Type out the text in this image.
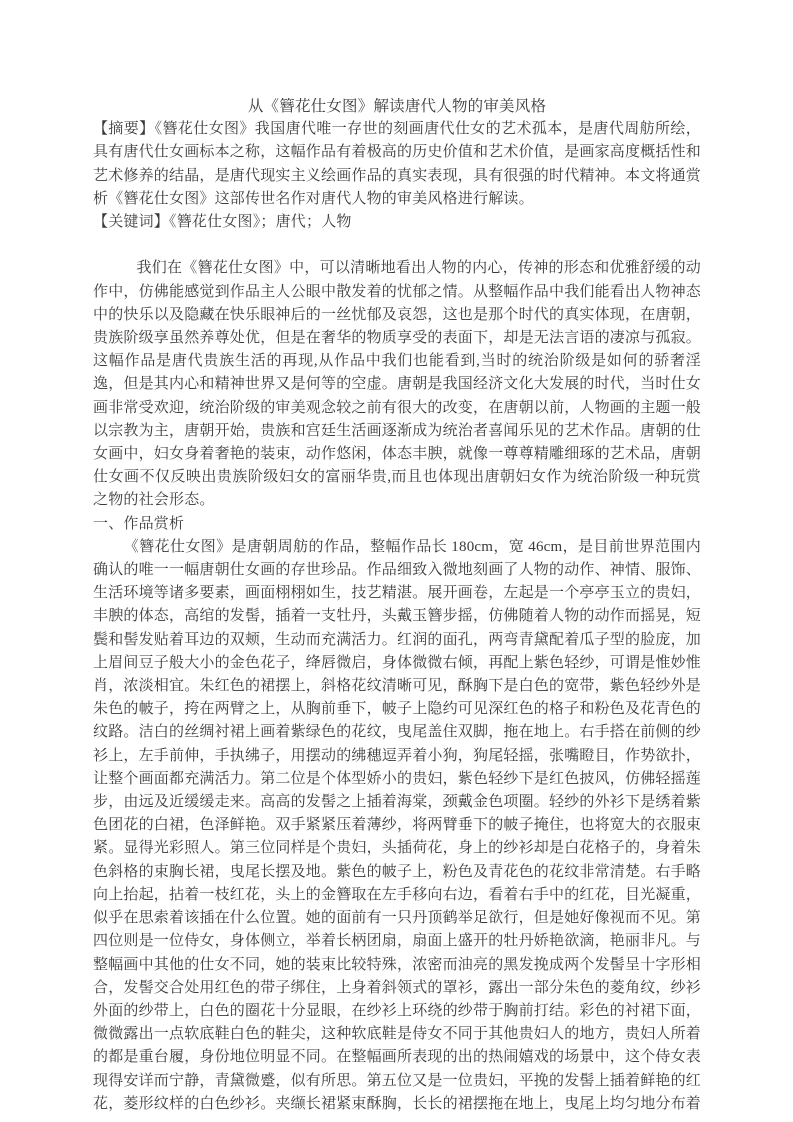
从《簪花仕女图》解读唐代人物的审美风格

【摘要】《簪花仕女图》我国唐代唯一存世的刻画唐代仕女的艺术孤本，是唐代周舫所绘，具有唐代仕女画标本之称，这幅作品有着极高的历史价值和艺术价值，是画家高度概括性和艺术修养的结晶，是唐代现实主义绘画作品的真实表现，具有很强的时代精神。本文将通赏析《簪花仕女图》这部传世名作对唐代人物的审美风格进行解读。

【关键词】《簪花仕女图》；唐代；人物

我们在《簪花仕女图》中，可以清晰地看出人物的内心，传神的形态和优雅舒缓的动作中，仿佛能感觉到作品主人公眼中散发着的忧郁之情。从整幅作品中我们能看出人物神态中的快乐以及隐藏在快乐眼神后的一丝忧郁及哀怨，这也是那个时代的真实体现，在唐朝，贵族阶级享虽然养尊处优，但是在奢华的物质享受的表面下，却是无法言语的凄凉与孤寂。这幅作品是唐代贵族生活的再现,从作品中我们也能看到,当时的统治阶级是如何的骄奢淫逸，但是其内心和精神世界又是何等的空虚。唐朝是我国经济文化大发展的时代，当时仕女画非常受欢迎，统治阶级的审美观念较之前有很大的改变，在唐朝以前，人物画的主题一般以宗教为主，唐朝开始，贵族和宫廷生活画逐渐成为统治者喜闻乐见的艺术作品。唐朝的仕女画中，妇女身着奢艳的装束，动作悠闲，体态丰腴，就像一尊尊精雕细琢的艺术品，唐朝仕女画不仅反映出贵族阶级妇女的富丽华贵,而且也体现出唐朝妇女作为统治阶级一种玩赏之物的社会形态。

一、作品赏析

《簪花仕女图》是唐朝周舫的作品，整幅作品长 180cm，宽 46cm，是目前世界范围内确认的唯一一幅唐朝仕女画的存世珍品。作品细致入微地刻画了人物的动作、神情、服饰、生活环境等诸多要素，画面栩栩如生，技艺精湛。展开画卷，左起是一个亭亭玉立的贵妇，丰腴的体态，高绾的发髻，插着一支牡丹，头戴玉簪步摇，仿佛随着人物的动作而摇晃，短鬓和髻发贴着耳边的双颊，生动而充满活力。红润的面孔，两弯青黛配着瓜子型的脸庞，加上眉间豆子般大小的金色花子，绛唇微启，身体微微右倾，再配上紫色轻纱，可谓是惟妙惟肖，浓淡相宜。朱红色的裙摆上，斜格花纹清晰可见，酥胸下是白色的宽带，紫色轻纱外是朱色的帔子，挎在两臂之上，从胸前垂下，帔子上隐约可见深红色的格子和粉色及花青色的纹路。洁白的丝绸衬裙上画着紫绿色的花纹，曳尾盖住双脚，拖在地上。右手搭在前侧的纱衫上，左手前伸，手执绋子，用摆动的绋穗逗弄着小狗，狗尾轻摇，张嘴瞪目，作势欲扑，让整个画面都充满活力。第二位是个体型娇小的贵妇，紫色轻纱下是红色披风，仿佛轻摇莲步，由远及近缓缓走来。高高的发髻之上插着海棠，颈戴金色项圈。轻纱的外衫下是绣着紫色团花的白裙，色泽鲜艳。双手紧紧压着薄纱，将两臂垂下的帔子掩住，也将宽大的衣服束紧。显得光彩照人。第三位同样是个贵妇，头插荷花，身上的纱衫却是白花格子的，身着朱色斜格的束胸长裙，曳尾长摆及地。紫色的帔子上，粉色及青花色的花纹非常清楚。右手略向上抬起，拈着一枝红花，头上的金簪取在左手移向右边，看着右手中的红花，目光凝重，似乎在思索着该插在什么位置。她的面前有一只丹顶鹤举足欲行，但是她好像视而不见。第四位则是一位侍女，身体侧立，举着长柄团扇，扇面上盛开的牡丹娇艳欲滴，艳丽非凡。与整幅画中其他的仕女不同，她的装束比较特殊，浓密而油亮的黑发挽成两个发髻呈十字形相合，发髻交合处用红色的带子绑住，上身着斜领式的罩衫，露出一部分朱色的菱角纹，纱衫外面的纱带上，白色的圈花十分显眼，在纱衫上环绕的纱带于胸前打结。彩色的衬裙下面，微微露出一点软底鞋白色的鞋尖，这种软底鞋是侍女不同于其他贵妇人的地方，贵妇人所着的都是重台履，身份地位明显不同。在整幅画所表现的出的热闹嬉戏的场景中，这个侍女表现得安详而宁静，青黛微蹙，似有所思。第五位又是一位贵妇，平挽的发髻上插着鲜艳的红花，菱形纹样的白色纱衫。夹缬长裙紧束酥胸，长长的裙摆拖在地上，曳尾上均匀地分布着
